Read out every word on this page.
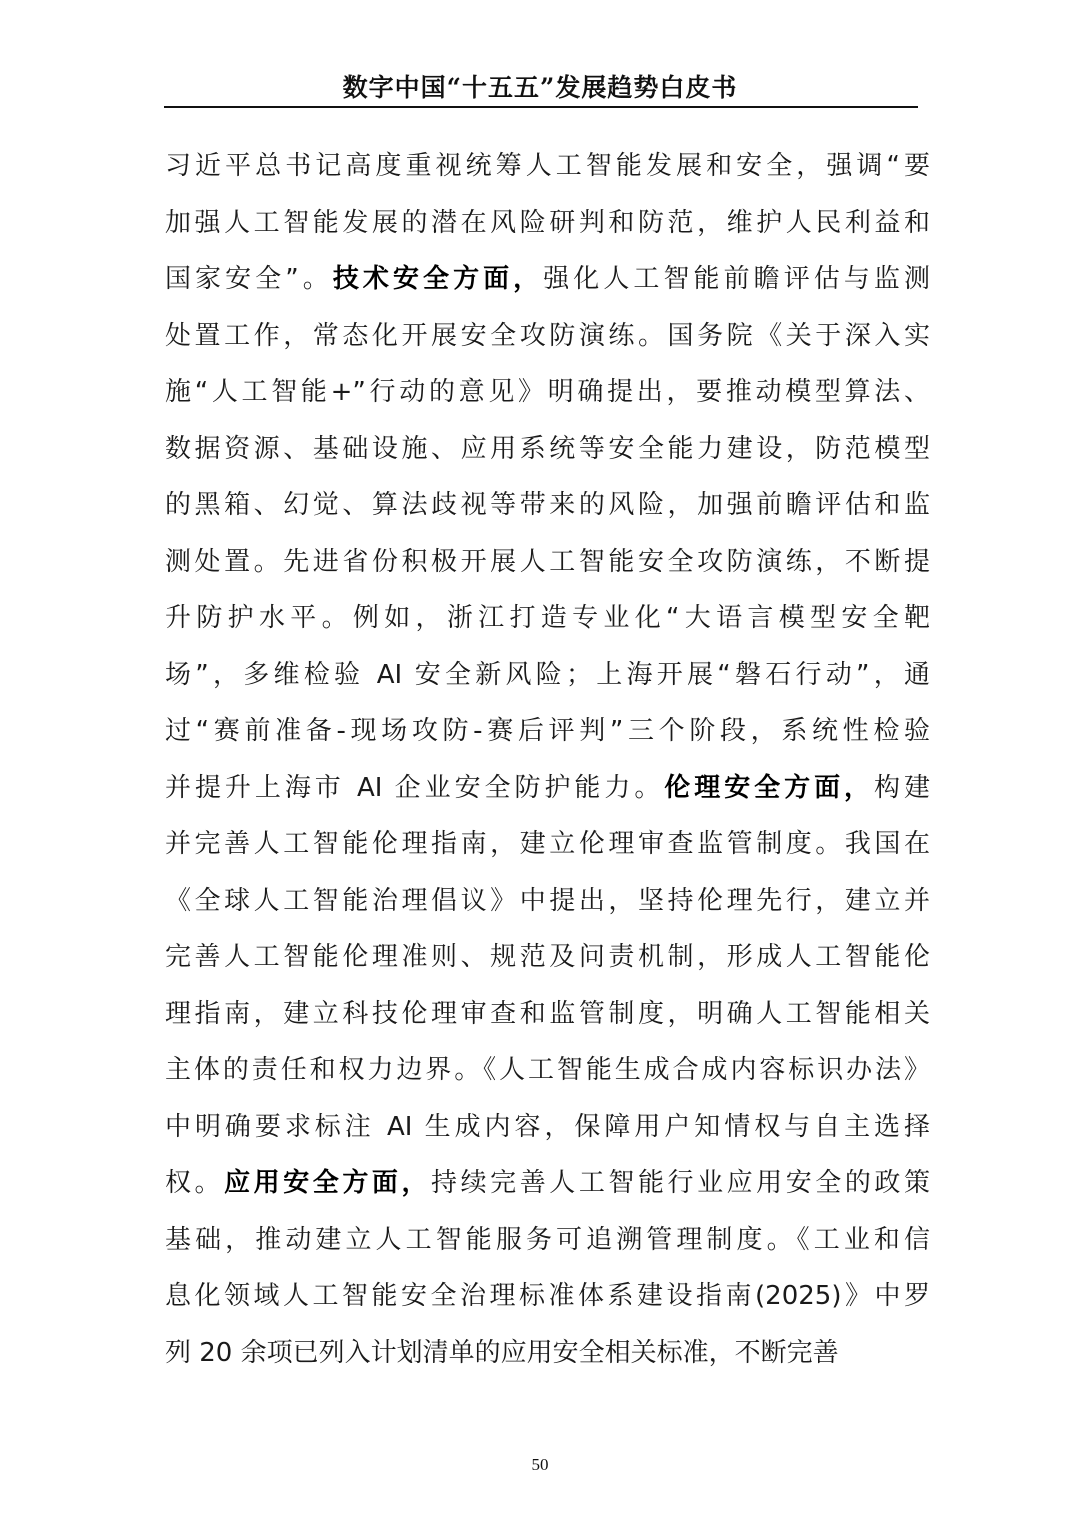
数字中国“十五五”发展趋势白皮书
习近平总书记高度重视统筹人工智能发展和安全，强调“要
加强人工智能发展的潜在风险研判和防范，维护人民利益和
国家安全”。技术安全方面，强化人工智能前瞻评估与监测
处置工作，常态化开展安全攻防演练。国务院《关于深入实
施“人工智能+”行动的意见》明确提出，要推动模型算法、
数据资源、基础设施、应用系统等安全能力建设，防范模型
的黑箱、幻觉、算法歧视等带来的风险，加强前瞻评估和监
测处置。先进省份积极开展人工智能安全攻防演练，不断提
升防护水平。例如，浙江打造专业化“大语言模型安全靶
场”，多维检验 AI 安全新风险；上海开展“磐石行动”，通
过“赛前准备-现场攻防-赛后评判”三个阶段，系统性检验
并提升上海市 AI 企业安全防护能力。伦理安全方面，构建
并完善人工智能伦理指南，建立伦理审查监管制度。我国在
《全球人工智能治理倡议》中提出，坚持伦理先行，建立并
完善人工智能伦理准则、规范及问责机制，形成人工智能伦
理指南，建立科技伦理审查和监管制度，明确人工智能相关
主体的责任和权力边界。《人工智能生成合成内容标识办法》
中明确要求标注 AI 生成内容，保障用户知情权与自主选择
权。应用安全方面，持续完善人工智能行业应用安全的政策
基础，推动建立人工智能服务可追溯管理制度。《工业和信
息化领域人工智能安全治理标准体系建设指南(2025)》中罗
列 20 余项已列入计划清单的应用安全相关标准，不断完善
50
